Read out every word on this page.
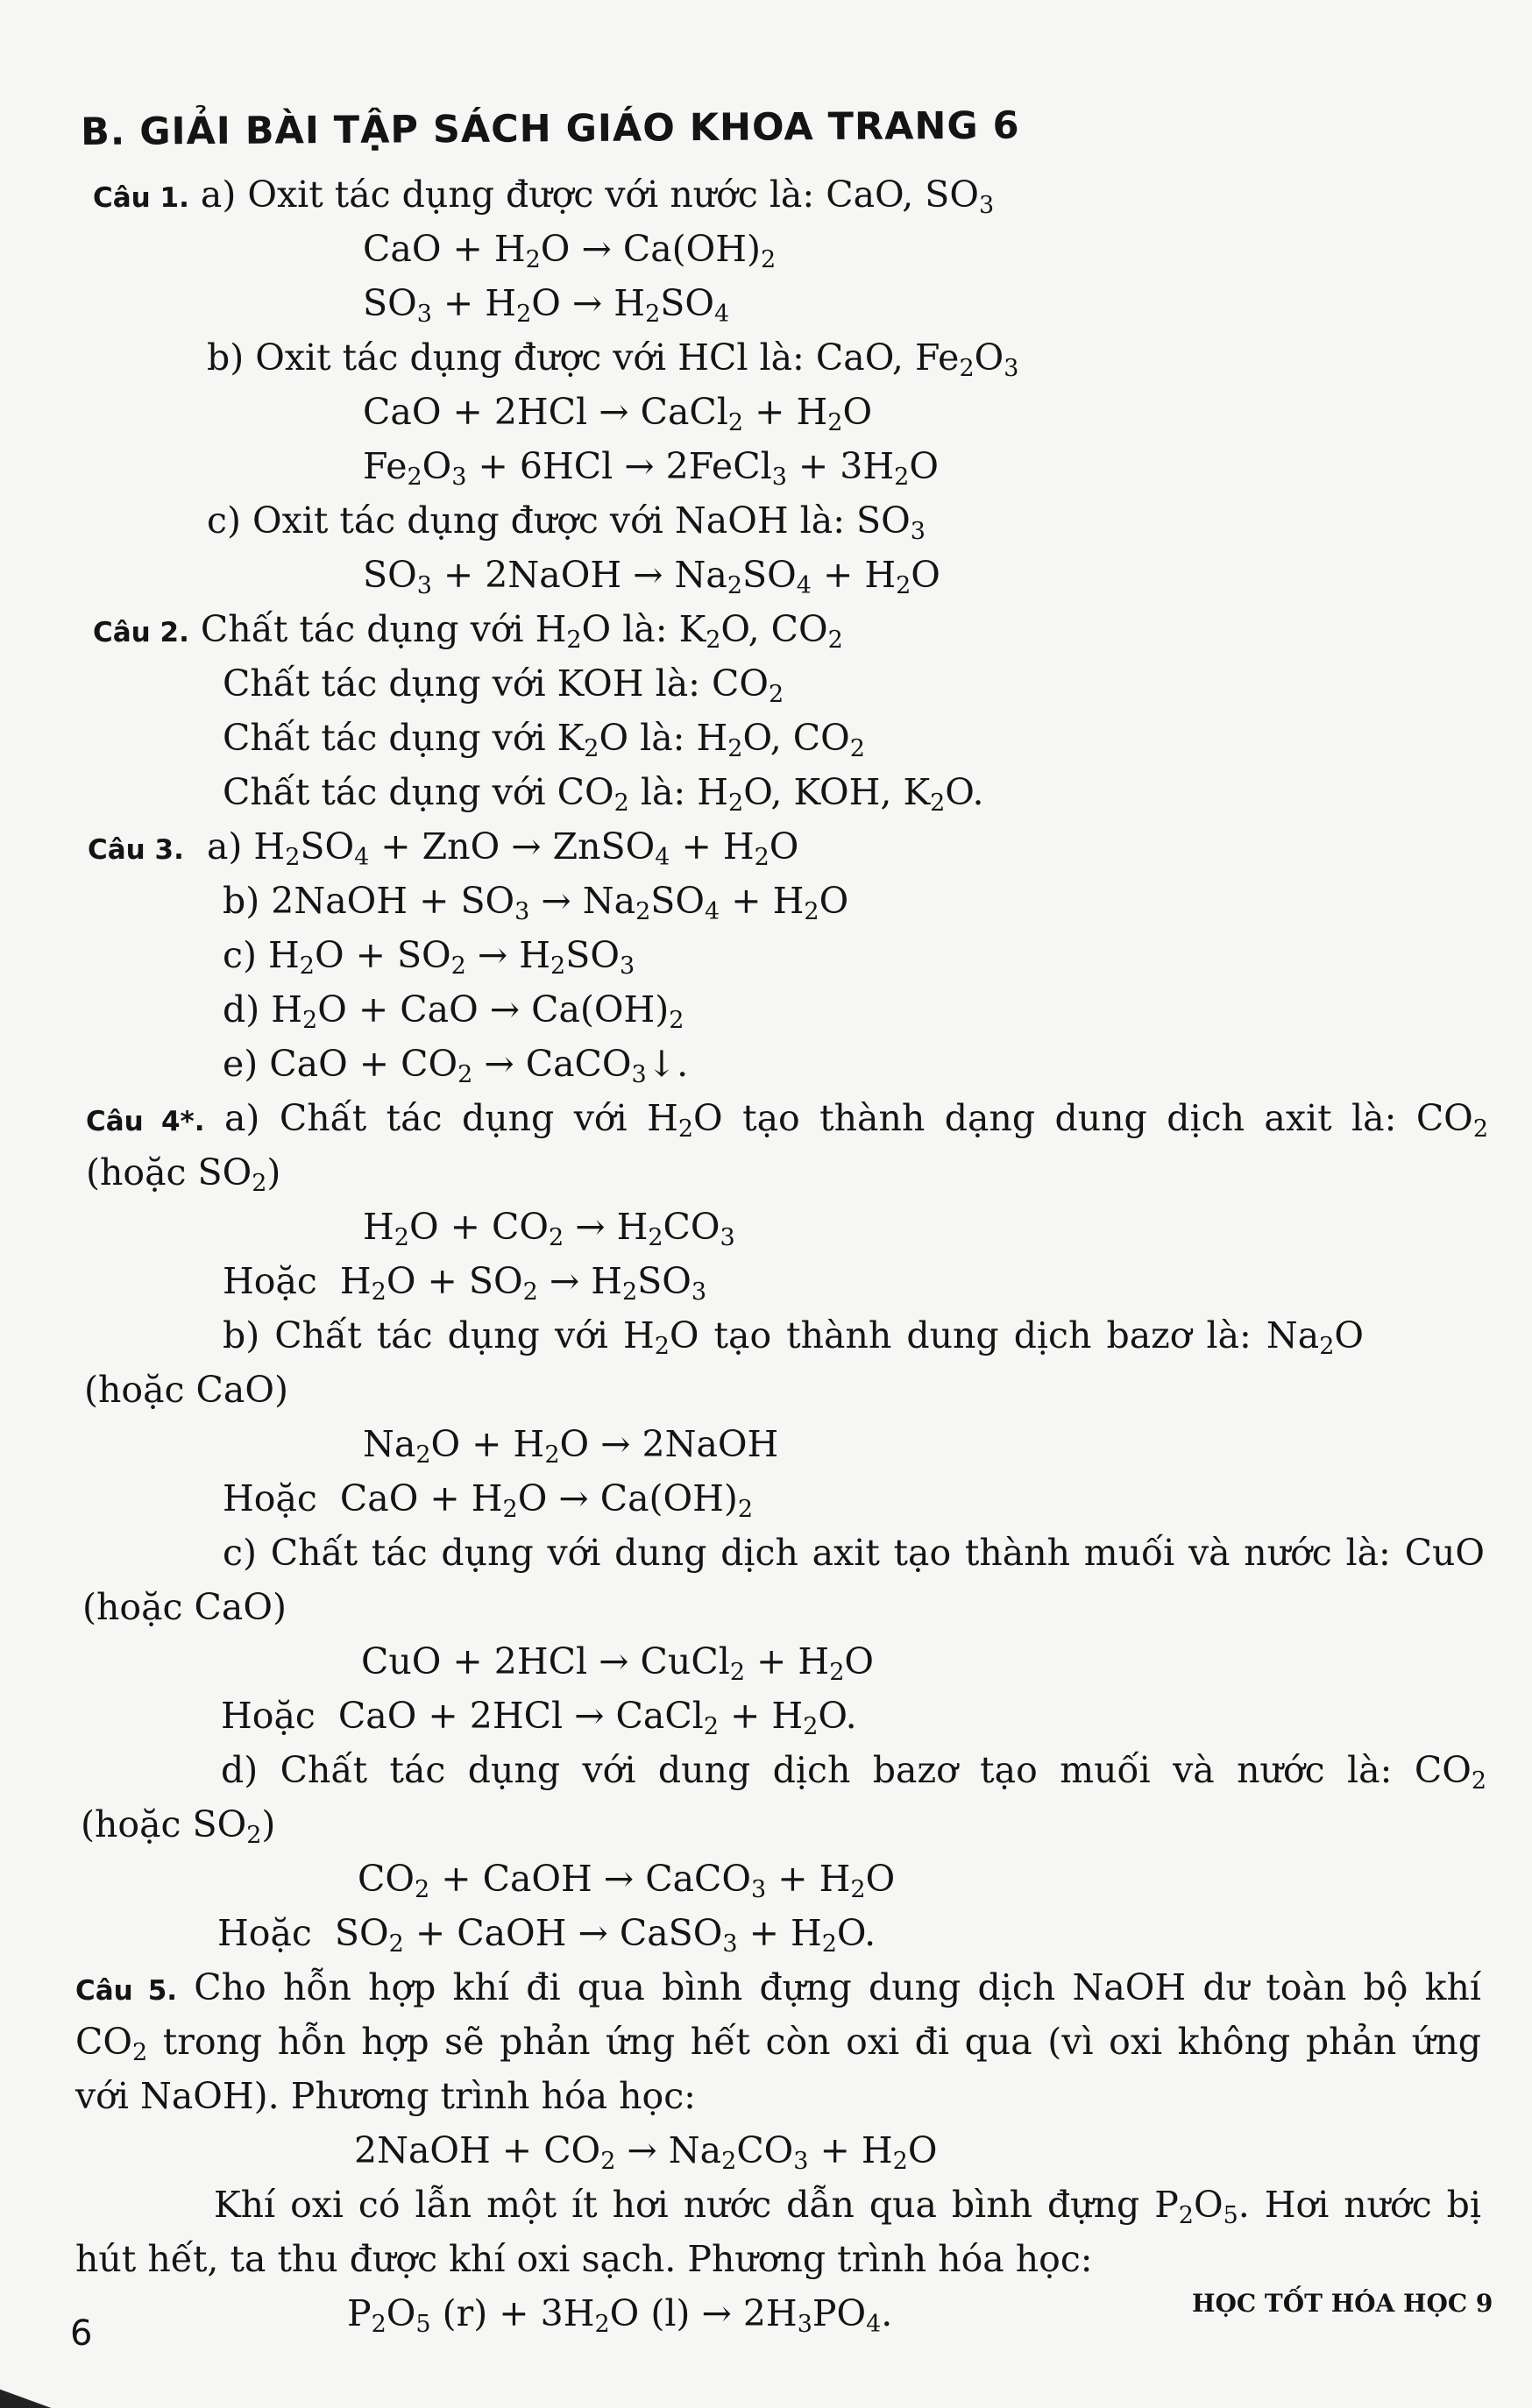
B. GIẢI BÀI TẬP SÁCH GIÁO KHOA TRANG 6
Câu 1. a) Oxit tác dụng được với nước là: CaO, $SO_3$
CaO + $H_2O \to Ca(OH)_2$
$SO_3 + H_2O \to H_2SO_4$
b) Oxit tác dụng được với HCl là: CaO, $Fe_2O_3$
CaO + 2HCl → CaCl$_2$ + $H_2O$
$Fe_2O_3 + 6HCl$ → 2FeCl$_3$ + $3H_2O$
c) Oxit tác dụng được với NaOH là: $SO_3$
$SO_3$ + 2NaOH → $Na_2SO_4 + H_2O$
Câu 2. Chất tác dụng với $H_2O$ là: $K_2O$, $CO_2$
Chất tác dụng với KOH là: $CO_2$
Chất tác dụng với $K_2O$ là: $H_2O$, $CO_2$
Chất tác dụng với $CO_2$ là: $H_2O$, KOH, $K_2O$.
Câu 3.  a) $H_2SO_4$ + ZnO → ZnSO$_4$ + $H_2O$
b) 2NaOH + $SO_3 \to Na_2SO_4 + H_2O$
c) $H_2O + SO_2 \to H_2SO_3$
d) $H_2O$ + CaO → $Ca(OH)_2$
e) CaO + $CO_2$ → CaCO$_3$↓.
Câu 4*. a) Chất tác dụng với $H_2O$ tạo thành dạng dung dịch axit là: $CO_2$
(hoặc $SO_2$)
$H_2O + CO_2 \to H_2CO_3$
Hoặc  $H_2O + SO_2 \to H_2SO_3$
b) Chất tác dụng với $H_2O$ tạo thành dung dịch bazơ là: $Na_2O$
(hoặc CaO)
$Na_2O + H_2O$ → 2NaOH
Hoặc  CaO + $H_2O \to Ca(OH)_2$
c) Chất tác dụng với dung dịch axit tạo thành muối và nước là: CuO
(hoặc CaO)
CuO + 2HCl → CuCl$_2$ + $H_2O$
Hoặc  CaO + 2HCl → CaCl$_2$ + $H_2O$.
d) Chất tác dụng với dung dịch bazơ tạo muối và nước là: $CO_2$
(hoặc $SO_2$)
$CO_2$ + CaOH → CaCO$_3$ + $H_2O$
Hoặc  $SO_2$ + CaOH → CaSO$_3$ + $H_2O$.
Câu 5. Cho hỗn hợp khí đi qua bình đựng dung dịch NaOH dư toàn bộ khí
$CO_2$ trong hỗn hợp sẽ phản ứng hết còn oxi đi qua (vì oxi không phản ứng
với NaOH). Phương trình hóa học:
2NaOH + $CO_2 \to Na_2CO_3 + H_2O$
Khí oxi có lẫn một ít hơi nước dẫn qua bình đựng $P_2O_5$. Hơi nước bị
hút hết, ta thu được khí oxi sạch. Phương trình hóa học:
$P_2O_5$ $(r) + 3H_2O$ $(l) \to 2H_3PO_4$.
6
HỌC TỐT HÓA HỌC 9
